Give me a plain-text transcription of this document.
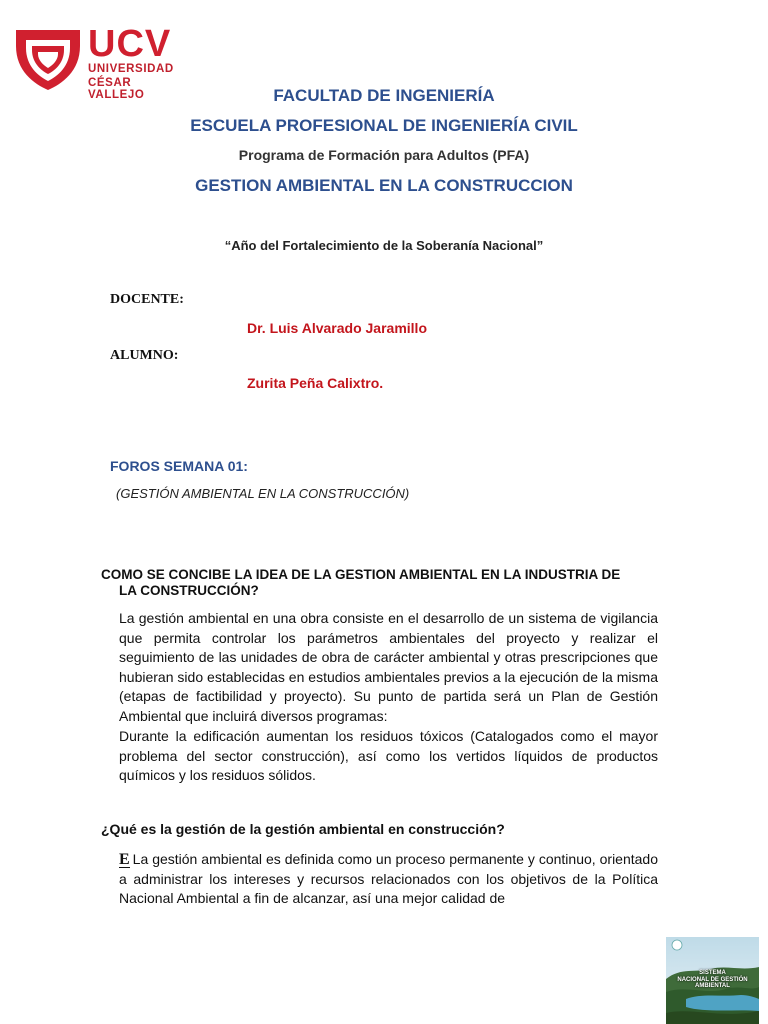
UCV
UNIVERSIDAD
CÉSAR VALLEJO	FACULTAD DE INGENIERÍA
ESCUELA PROFESIONAL DE INGENIERÍA CIVIL
Programa de Formación para Adultos (PFA)
GESTION AMBIENTAL EN LA CONSTRUCCION
“Año del Fortalecimiento de la Soberanía Nacional”
DOCENTE:
Dr. Luis Alvarado Jaramillo
ALUMNO:
Zurita Peña Calixtro.
FOROS SEMANA 01:
(GESTIÓN AMBIENTAL EN LA CONSTRUCCIÓN)
COMO SE CONCIBE LA IDEA DE LA GESTION AMBIENTAL EN LA INDUSTRIA DE
LA CONSTRUCCIÓN?
La gestión ambiental en una obra consiste en el desarrollo de un sistema de vigilancia que permita controlar los parámetros ambientales del proyecto y realizar el seguimiento de las unidades de obra de carácter ambiental y otras prescripciones que hubieran sido establecidas en estudios ambientales previos a la ejecución de la misma (etapas de factibilidad y proyecto). Su punto de partida será un Plan de Gestión Ambiental que incluirá diversos programas:
Durante la edificación aumentan los residuos tóxicos (Catalogados como el mayor problema del sector construcción), así como los vertidos líquidos de productos químicos y los residuos sólidos.
¿Qué es la gestión de la gestión ambiental en construcción?
E La gestión ambiental es definida como un proceso permanente y continuo, orientado a administrar los intereses y recursos relacionados con los objetivos de la Política Nacional Ambiental a fin de alcanzar, así una mejor calidad de
SISTEMA
NACIONAL DE GESTIÓN
AMBIENTAL
